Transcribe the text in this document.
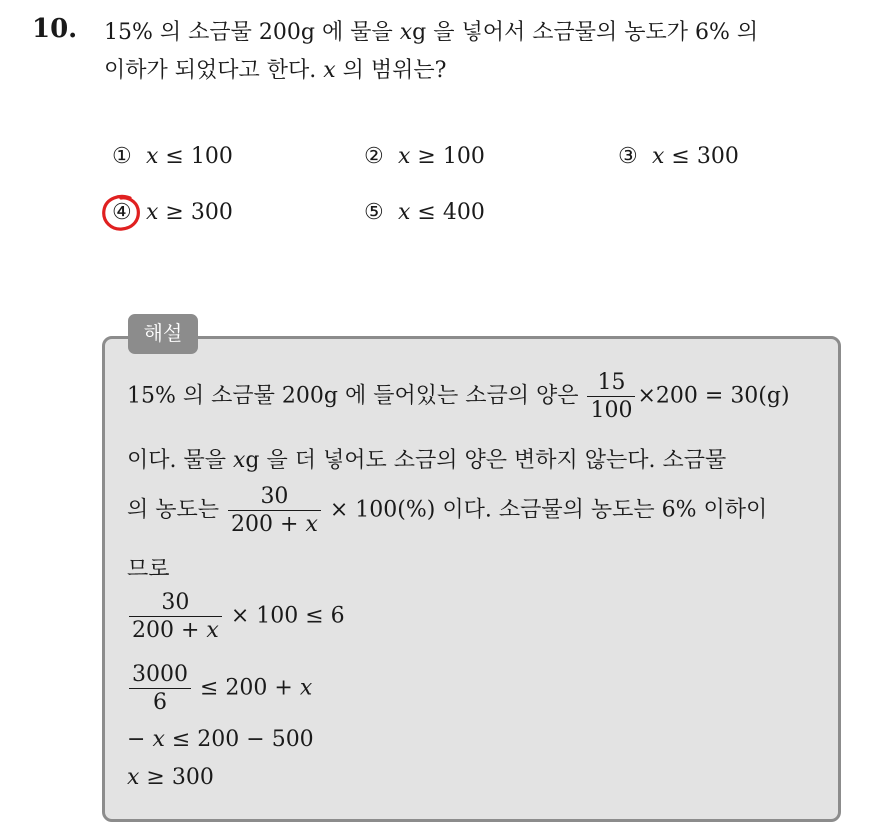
10. 15% 의 소금물 200g 에 물을 xg 을 넣어서 소금물의 농도가 6% 의
이하가 되었다고 한다. x 의 범위는?
① x ≤ 100	② x ≥ 100	③ x ≤ 300
④ x ≥ 300	⑤ x ≤ 400
해설
15% 의 소금물 200g 에 들어있는 소금의 양은 $\frac{15}{100} \times 200 = 30(g)$
이다. 물을 xg 을 더 넣어도 소금의 양은 변하지 않는다. 소금물
의 농도는 $\frac{30}{200 + x} \times 100(\%)$ 이다. 소금물의 농도는 6% 이하이
므로
$\frac{30}{200 + x} \times 100 \le 6$
$\frac{3000}{6} \le 200 + x$
− x ≤ 200 − 500
x ≥ 300
